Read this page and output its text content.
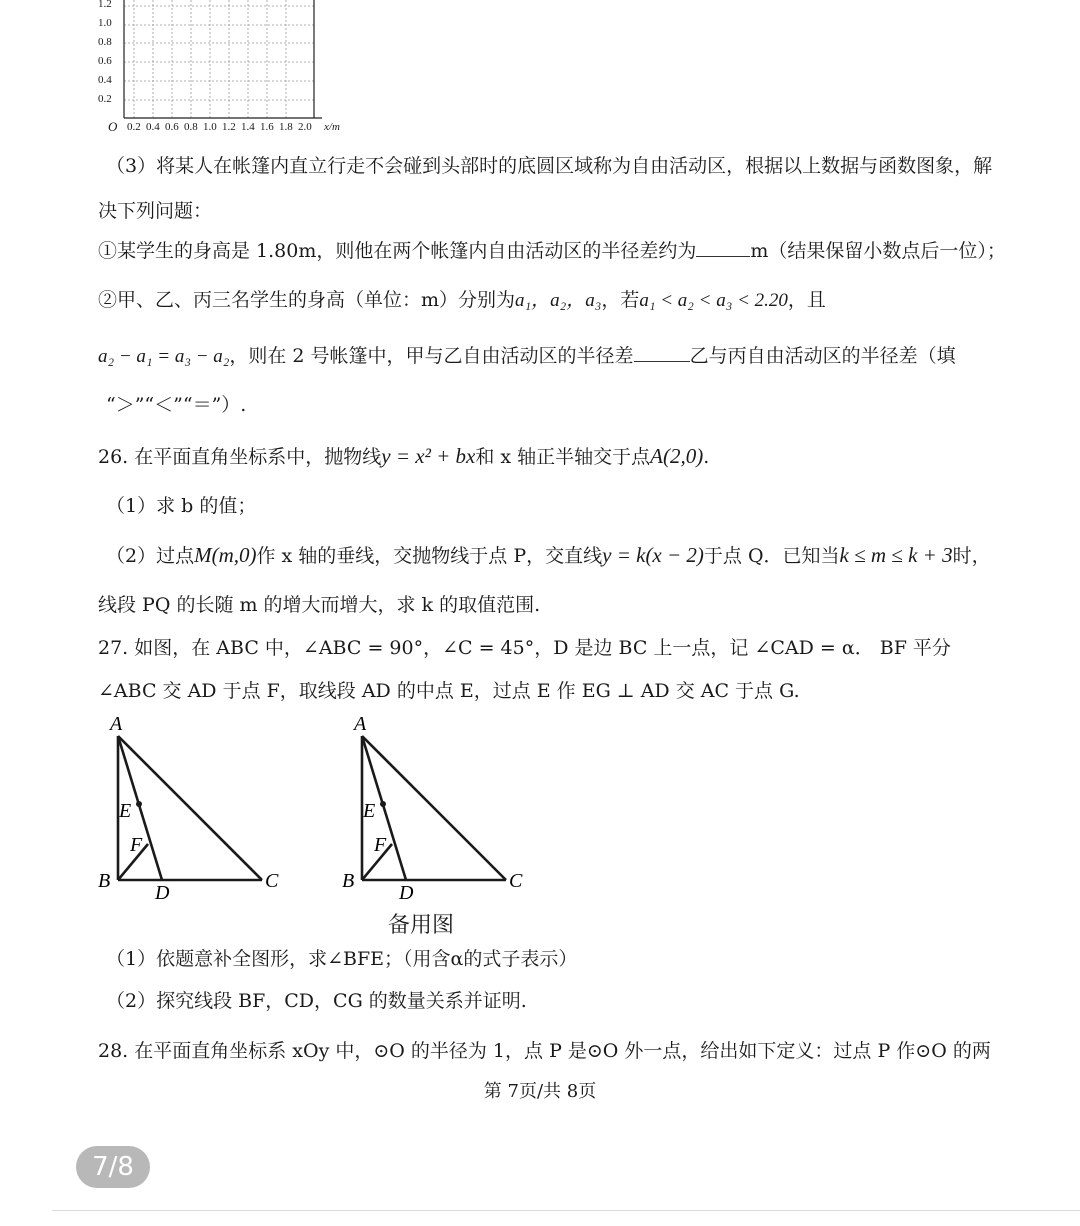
1.2
1.0
0.8
0.6
0.4
0.2
O 0.2 0.4 0.6 0.8 1.0 1.2 1.4 1.6 1.8 2.0 x/m
（3）将某人在帐篷内直立行走不会碰到头部时的底圆区域称为自由活动区，根据以上数据与函数图象，解
决下列问题：
①某学生的身高是 1.80m，则他在两个帐篷内自由活动区的半径差约为	m（结果保留小数点后一位）；
②甲、乙、丙三名学生的身高（单位：m）分别为a₁，a₂，a₃，若a₁ < a₂ < a₃ < 2.20，且
a₂ − a₁ = a₃ − a₂，则在 2 号帐篷中，甲与乙自由活动区的半径差	乙与丙自由活动区的半径差（填
“＞”“＜”“＝”）.
26. 在平面直角坐标系中，抛物线y = x² + bx和 x 轴正半轴交于点A(2,0).
（1）求 b 的值；
（2）过点M(m,0)作 x 轴的垂线，交抛物线于点 P，交直线y = k(x − 2)于点 Q．已知当k ≤ m ≤ k + 3时，
线段 PQ 的长随 m 的增大而增大，求 k 的取值范围.
27. 如图，在 ABC 中，∠ABC = 90°，∠C = 45°，D 是边 BC 上一点，记 ∠CAD = α． BF 平分
∠ABC 交 AD 于点 F，取线段 AD 的中点 E，过点 E 作 EG ⊥ AD 交 AC 于点 G.
A
B	C
D
E
F
A
B	C
D
E
F
备用图
（1）依题意补全图形，求∠BFE；（用含α的式子表示）
（2）探究线段 BF，CD，CG 的数量关系并证明.
28. 在平面直角坐标系 xOy 中，⊙O 的半径为 1，点 P 是⊙O 外一点，给出如下定义：过点 P 作⊙O 的两
第 7页/共 8页
7/8
